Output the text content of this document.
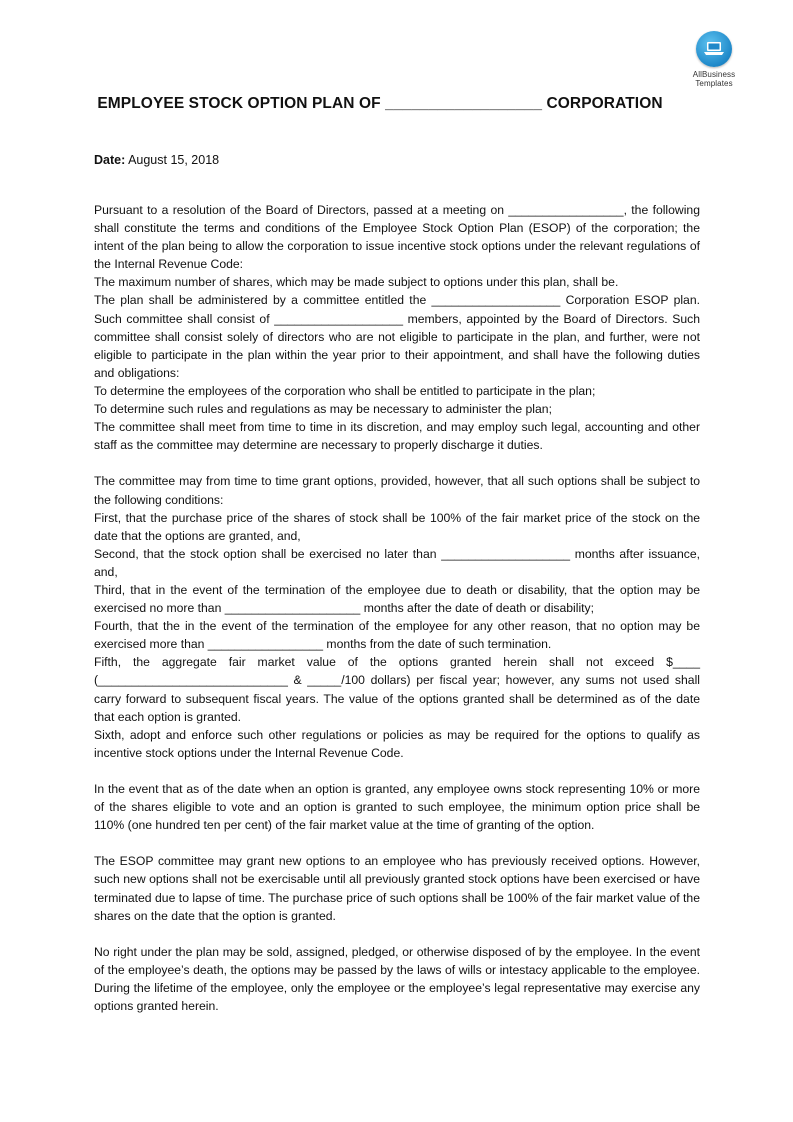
AllBusiness
Templates
EMPLOYEE STOCK OPTION PLAN OF __________________ CORPORATION
Date: August 15, 2018

Pursuant to a resolution of the Board of Directors, passed at a meeting on _________________, the following shall constitute the terms and conditions of the Employee Stock Option Plan (ESOP) of the corporation; the intent of the plan being to allow the corporation to issue incentive stock options under the relevant regulations of the Internal Revenue Code:

The maximum number of shares, which may be made subject to options under this plan, shall be.

The plan shall be administered by a committee entitled the ___________________ Corporation ESOP plan. Such committee shall consist of ___________________ members, appointed by the Board of Directors. Such committee shall consist solely of directors who are not eligible to participate in the plan, and further, were not eligible to participate in the plan within the year prior to their appointment, and shall have the following duties and obligations:

To determine the employees of the corporation who shall be entitled to participate in the plan;

To determine such rules and regulations as may be necessary to administer the plan;

The committee shall meet from time to time in its discretion, and may employ such legal, accounting and other staff as the committee may determine are necessary to properly discharge it duties.

The committee may from time to time grant options, provided, however, that all such options shall be subject to the following conditions:

First, that the purchase price of the shares of stock shall be 100% of the fair market price of the stock on the date that the options are granted, and,

Second, that the stock option shall be exercised no later than ___________________ months after issuance, and,

Third, that in the event of the termination of the employee due to death or disability, that the option may be exercised no more than ____________________ months after the date of death or disability;

Fourth, that the in the event of the termination of the employee for any other reason, that no option may be exercised more than _________________ months from the date of such termination.

Fifth, the aggregate fair market value of the options granted herein shall not exceed $____ (____________________________ & _____/100 dollars) per fiscal year; however, any sums not used shall carry forward to subsequent fiscal years. The value of the options granted shall be determined as of the date that each option is granted.

Sixth, adopt and enforce such other regulations or policies as may be required for the options to qualify as incentive stock options under the Internal Revenue Code.

In the event that as of the date when an option is granted, any employee owns stock representing 10% or more of the shares eligible to vote and an option is granted to such employee, the minimum option price shall be 110% (one hundred ten per cent) of the fair market value at the time of granting of the option.

The ESOP committee may grant new options to an employee who has previously received options. However, such new options shall not be exercisable until all previously granted stock options have been exercised or have terminated due to lapse of time. The purchase price of such options shall be 100% of the fair market value of the shares on the date that the option is granted.

No right under the plan may be sold, assigned, pledged, or otherwise disposed of by the employee. In the event of the employee’s death, the options may be passed by the laws of wills or intestacy applicable to the employee. During the lifetime of the employee, only the employee or the employee’s legal representative may exercise any options granted herein.
